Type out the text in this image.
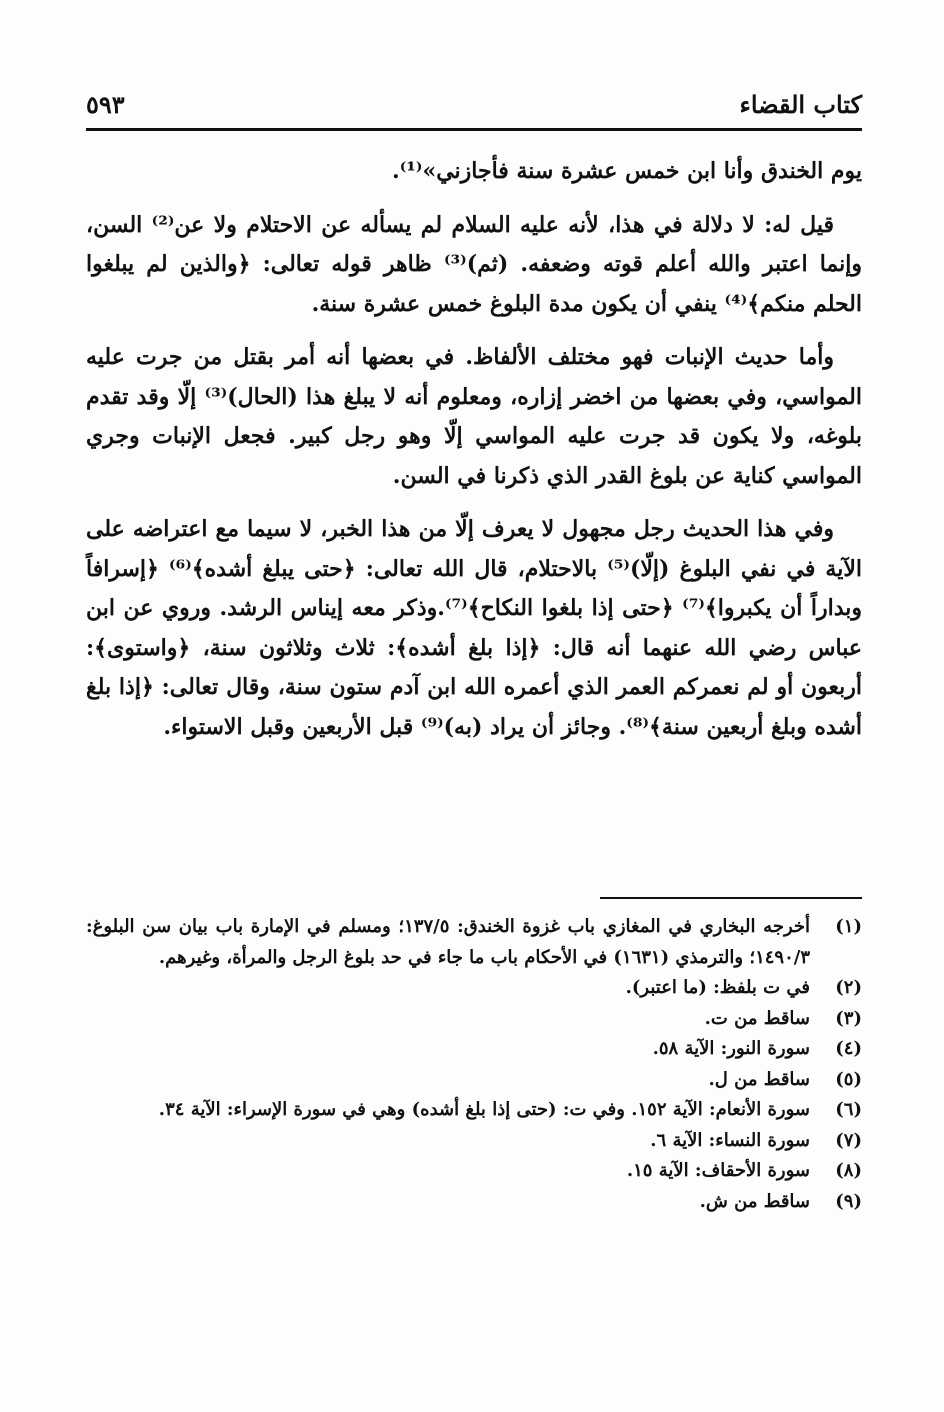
كتاب القضاء
٥٩٣

يوم الخندق وأنا ابن خمس عشرة سنة فأجازني»⁽¹⁾.

قيل له: لا دلالة في هذا، لأنه عليه السلام لم يسأله عن الاحتلام ولا عن⁽²⁾ السن، وإنما اعتبر والله أعلم قوته وضعفه. (ثم)⁽³⁾ ظاهر قوله تعالى: ﴿والذين لم يبلغوا الحلم منكم﴾⁽⁴⁾ ينفي أن يكون مدة البلوغ خمس عشرة سنة.

وأما حديث الإنبات فهو مختلف الألفاظ. في بعضها أنه أمر بقتل من جرت عليه المواسي، وفي بعضها من اخضر إزاره، ومعلوم أنه لا يبلغ هذا (الحال)⁽³⁾ إلّا وقد تقدم بلوغه، ولا يكون قد جرت عليه المواسي إلّا وهو رجل كبير. فجعل الإنبات وجري المواسي كناية عن بلوغ القدر الذي ذكرنا في السن.

وفي هذا الحديث رجل مجهول لا يعرف إلّا من هذا الخبر، لا سيما مع اعتراضه على الآية في نفي البلوغ (إلّا)⁽⁵⁾ بالاحتلام، قال الله تعالى: ﴿حتى يبلغ أشده﴾⁽⁶⁾ ﴿إسرافاً وبداراً أن يكبروا﴾⁽⁷⁾ ﴿حتى إذا بلغوا النكاح﴾⁽⁷⁾.وذكر معه إيناس الرشد. وروي عن ابن عباس رضي الله عنهما أنه قال: ﴿إذا بلغ أشده﴾: ثلاث وثلاثون سنة، ﴿واستوى﴾: أربعون أو لم نعمركم العمر الذي أعمره الله ابن آدم ستون سنة، وقال تعالى: ﴿إذا بلغ أشده وبلغ أربعين سنة﴾⁽⁸⁾. وجائز أن يراد (به)⁽⁹⁾ قبل الأربعين وقبل الاستواء.

(١)
أخرجه البخاري في المغازي باب غزوة الخندق: ١٣٧/٥؛ ومسلم في الإمارة باب بيان سن البلوغ: ١٤٩٠/٣؛ والترمذي (١٦٣١) في الأحكام باب ما جاء في حد بلوغ الرجل والمرأة، وغيرهم.
(٢)
في ت بلفظ: (ما اعتبر).
(٣)
ساقط من ت.
(٤)
سورة النور: الآية ٥٨.
(٥)
ساقط من ل.
(٦)
سورة الأنعام: الآية ١٥٢. وفي ت: (حتى إذا بلغ أشده) وهي في سورة الإسراء: الآية ٣٤.
(٧)
سورة النساء: الآية ٦.
(٨)
سورة الأحقاف: الآية ١٥.
(٩)
ساقط من ش.
